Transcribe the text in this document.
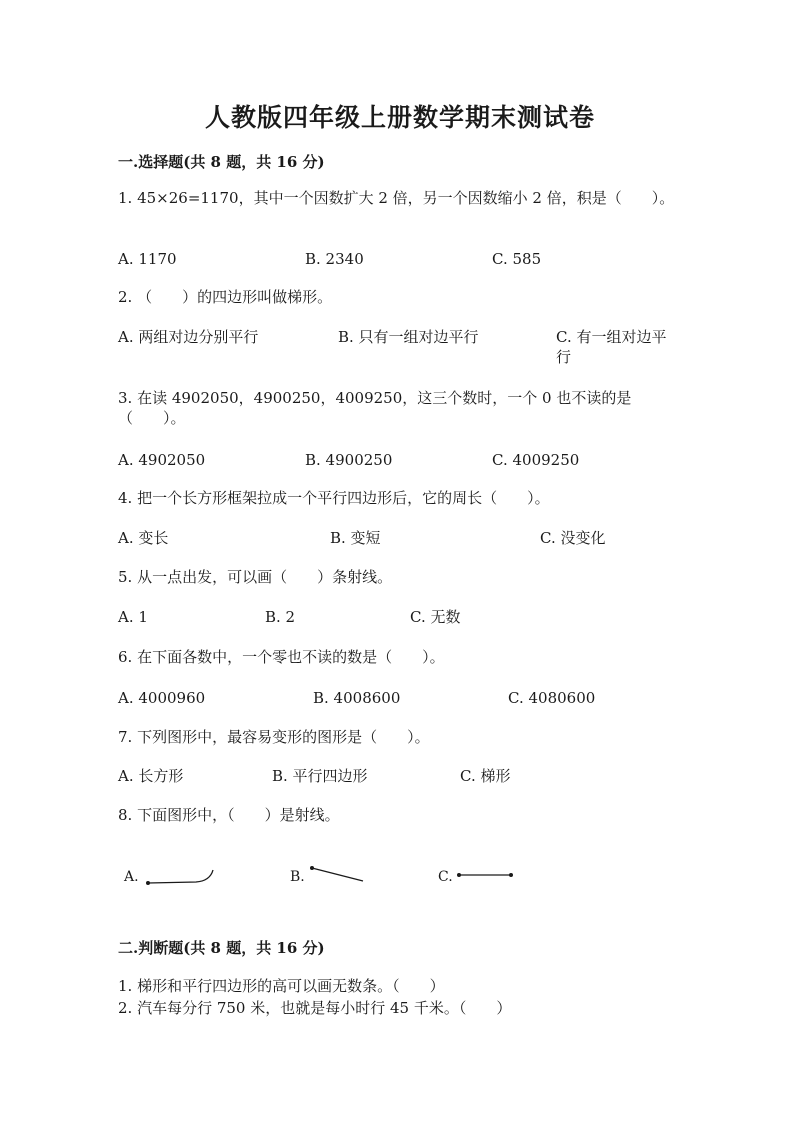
人教版四年级上册数学期末测试卷
一.选择题(共 8 题，共 16 分)
1. 45×26=1170，其中一个因数扩大 2 倍，另一个因数缩小 2 倍，积是（　　）。
A. 1170	B. 2340	C. 585
2. （　　）的四边形叫做梯形。
A. 两组对边分别平行	B. 只有一组对边平行	C. 有一组对边平行
3. 在读 4902050，4900250，4009250，这三个数时，一个 0 也不读的是（　　）。
A. 4902050	B. 4900250	C. 4009250
4. 把一个长方形框架拉成一个平行四边形后，它的周长（　　）。
A. 变长	B. 变短	C. 没变化
5. 从一点出发，可以画（　　）条射线。
A. 1	B. 2	C. 无数
6. 在下面各数中，一个零也不读的数是（　　）。
A. 4000960	B. 4008600	C. 4080600
7. 下列图形中，最容易变形的图形是（　　）。
A. 长方形	B. 平行四边形	C. 梯形
8. 下面图形中，（　　）是射线。
A.	B.	C.
二.判断题(共 8 题，共 16 分)
1. 梯形和平行四边形的高可以画无数条。（　　）
2. 汽车每分行 750 米，也就是每小时行 45 千米。（　　）
